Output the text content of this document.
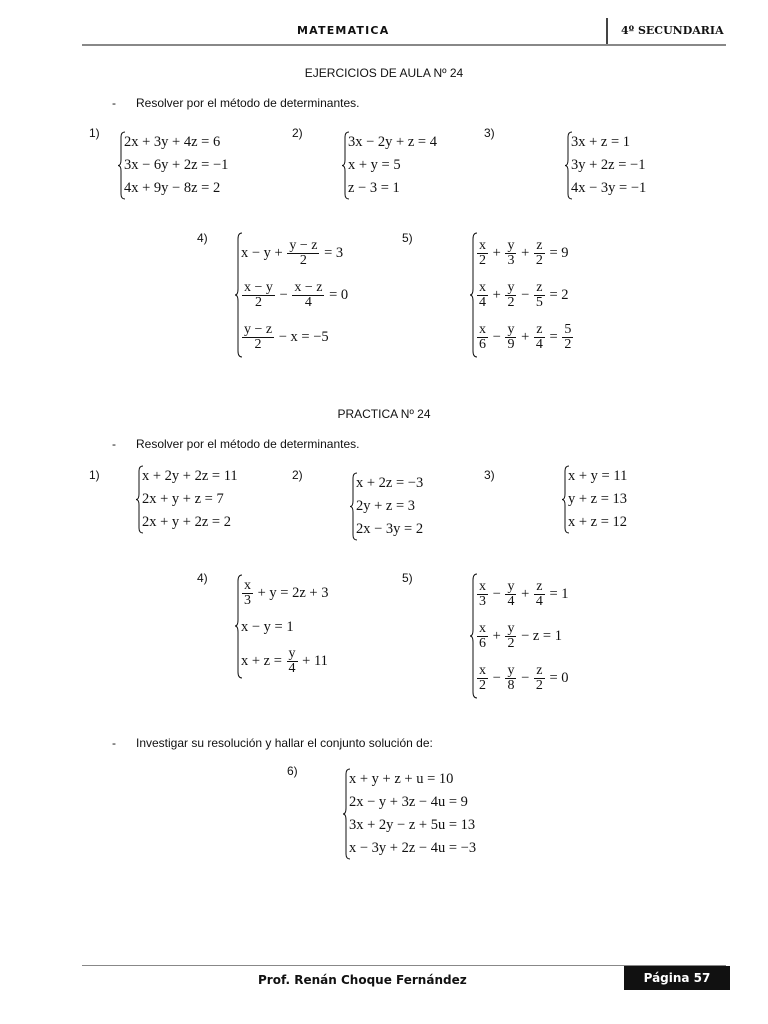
MATEMATICA	4º SECUNDARIA
EJERCICIOS DE AULA Nº 24
- Resolver por el método de determinantes.
1)
2x + 3y + 4z = 6
3x − 6y + 2z = −1
4x + 9y − 8z = 2
2)
3x − 2y + z = 4
x + y = 5
z − 3 = 1
3)
3x + z = 1
3y + 2z = −1
4x − 3y = −1
4)
$x - y + \frac{y - z}{2} = 3$
$\frac{x - y}{2} - \frac{x - z}{4} = 0$
$\frac{y - z}{2} - x = -5$
5)
$\frac{x}{2} + \frac{y}{3} + \frac{z}{2} = 9$
$\frac{x}{4} + \frac{y}{2} - \frac{z}{5} = 2$
$\frac{x}{6} - \frac{y}{9} + \frac{z}{4} = \frac{5}{2}$
PRACTICA Nº 24
- Resolver por el método de determinantes.
1)	x + 2y + 2z = 11
2x + y + z = 7
2x + y + 2z = 2
2)	x + 2z = −3
2y + z = 3
2x − 3y = 2
3)	x + y = 11
y + z = 13
x + z = 12
4)
$\frac{x}{3} + y = 2z + 3$
x − y = 1
$x + z = \frac{y}{4} + 11$
5)
$\frac{x}{3} - \frac{y}{4} + \frac{z}{4} = 1$
$\frac{x}{6} + \frac{y}{2} - z = 1$
$\frac{x}{2} - \frac{y}{8} - \frac{z}{2} = 0$
- Investigar su resolución y hallar el conjunto solución de:
6)	x + y + z + u = 10
2x − y + 3z − 4u = 9
3x + 2y − z + 5u = 13
x − 3y + 2z − 4u = −3
Prof. Renán Choque Fernández	Página 57
